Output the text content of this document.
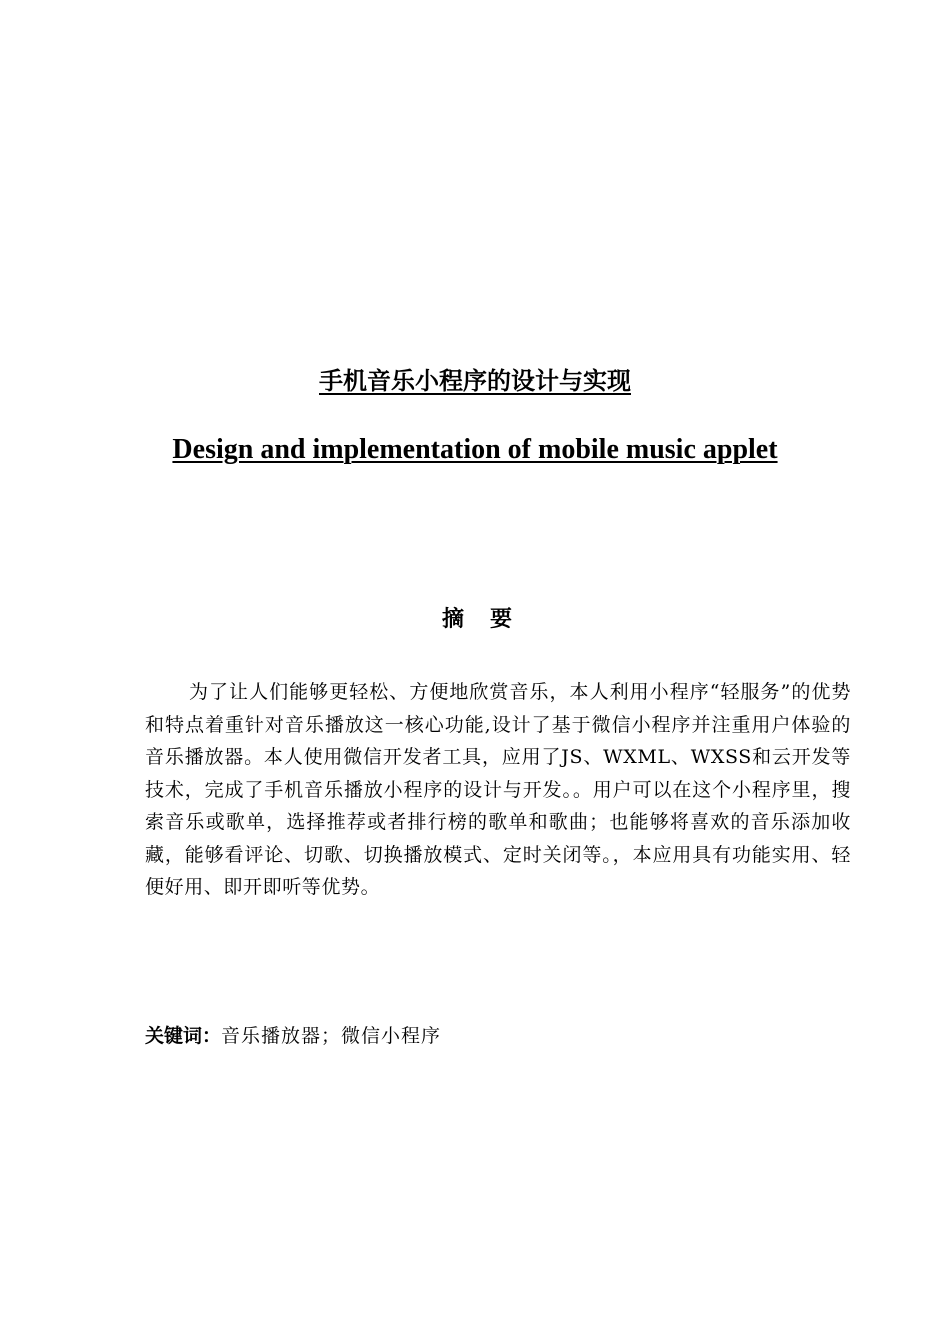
手机音乐小程序的设计与实现
Design and implementation of mobile music applet
摘要

为了让人们能够更轻松、方便地欣赏音乐，本人利用小程序“轻服务”的优势和特点着重针对音乐播放这一核心功能,设计了基于微信小程序并注重用户体验的音乐播放器。本人使用微信开发者工具，应用了JS、WXML、WXSS和云开发等技术，完成了手机音乐播放小程序的设计与开发。。用户可以在这个小程序里，搜索音乐或歌单，选择推荐或者排行榜的歌单和歌曲；也能够将喜欢的音乐添加收藏，能够看评论、切歌、切换播放模式、定时关闭等。，本应用具有功能实用、轻便好用、即开即听等优势。

关键词：音乐播放器；微信小程序
